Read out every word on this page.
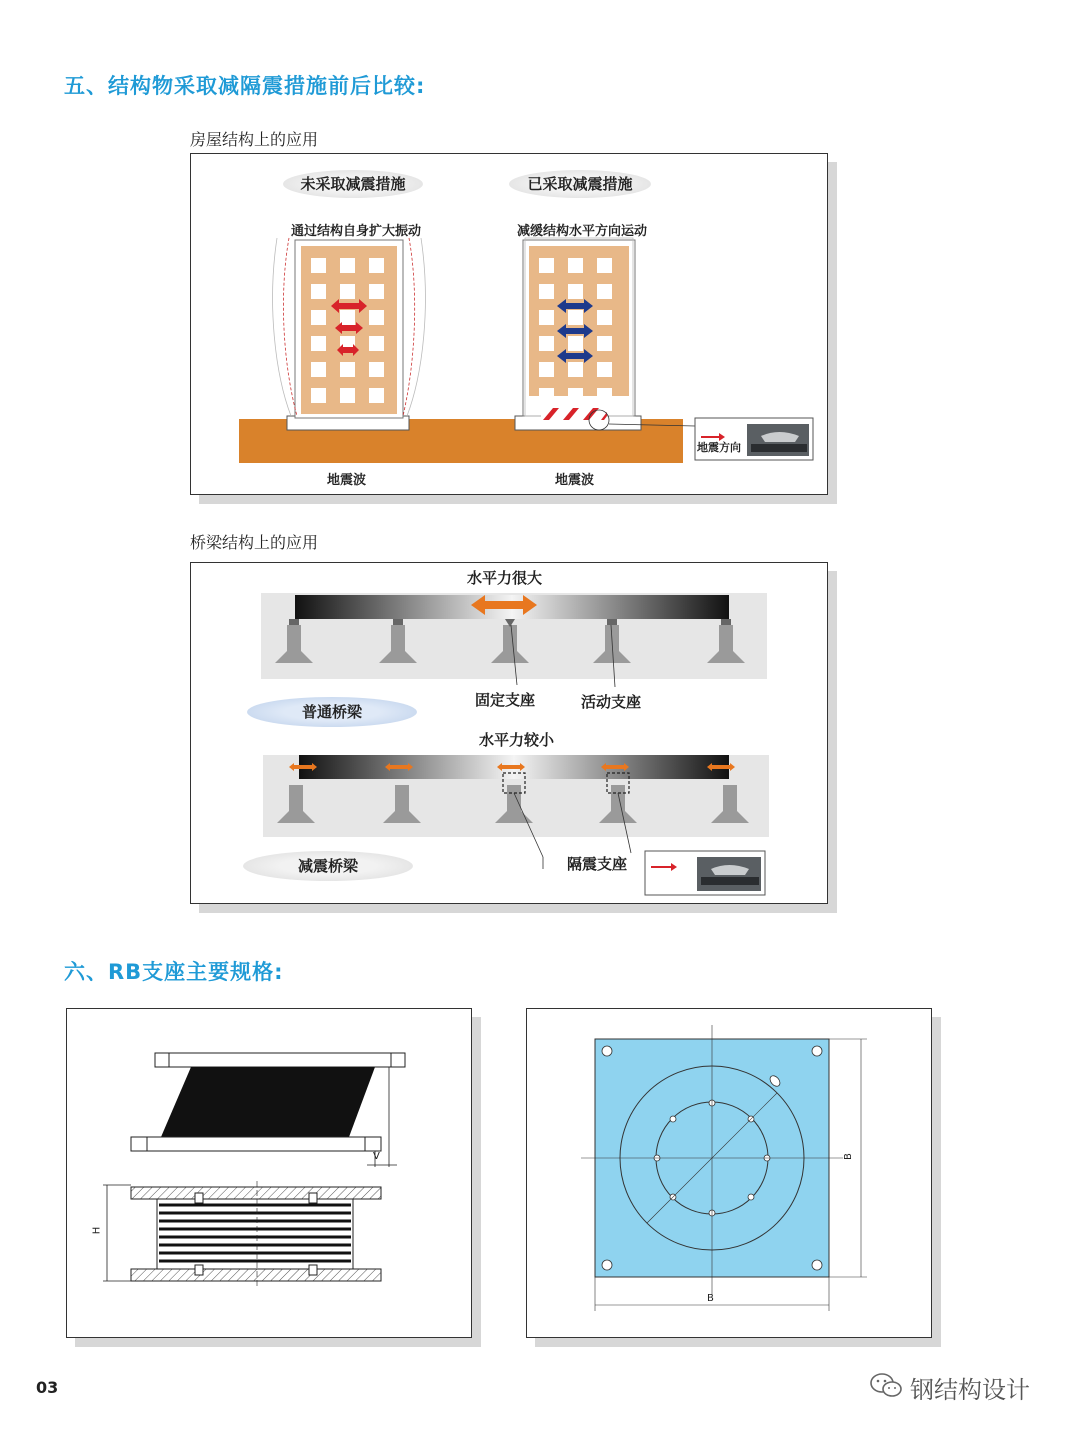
五、结构物采取减隔震措施前后比较:
房屋结构上的应用
未采取减震措施	已采取减震措施
通过结构自身扩大振动	减缓结构水平方向运动
地震波	地震波
地震方向
桥梁结构上的应用
水平力很大
固定支座	活动支座
普通桥梁
水平力较小
减震桥梁	隔震支座
六、RB支座主要规格:
H
V	B
B
03	钢结构设计
